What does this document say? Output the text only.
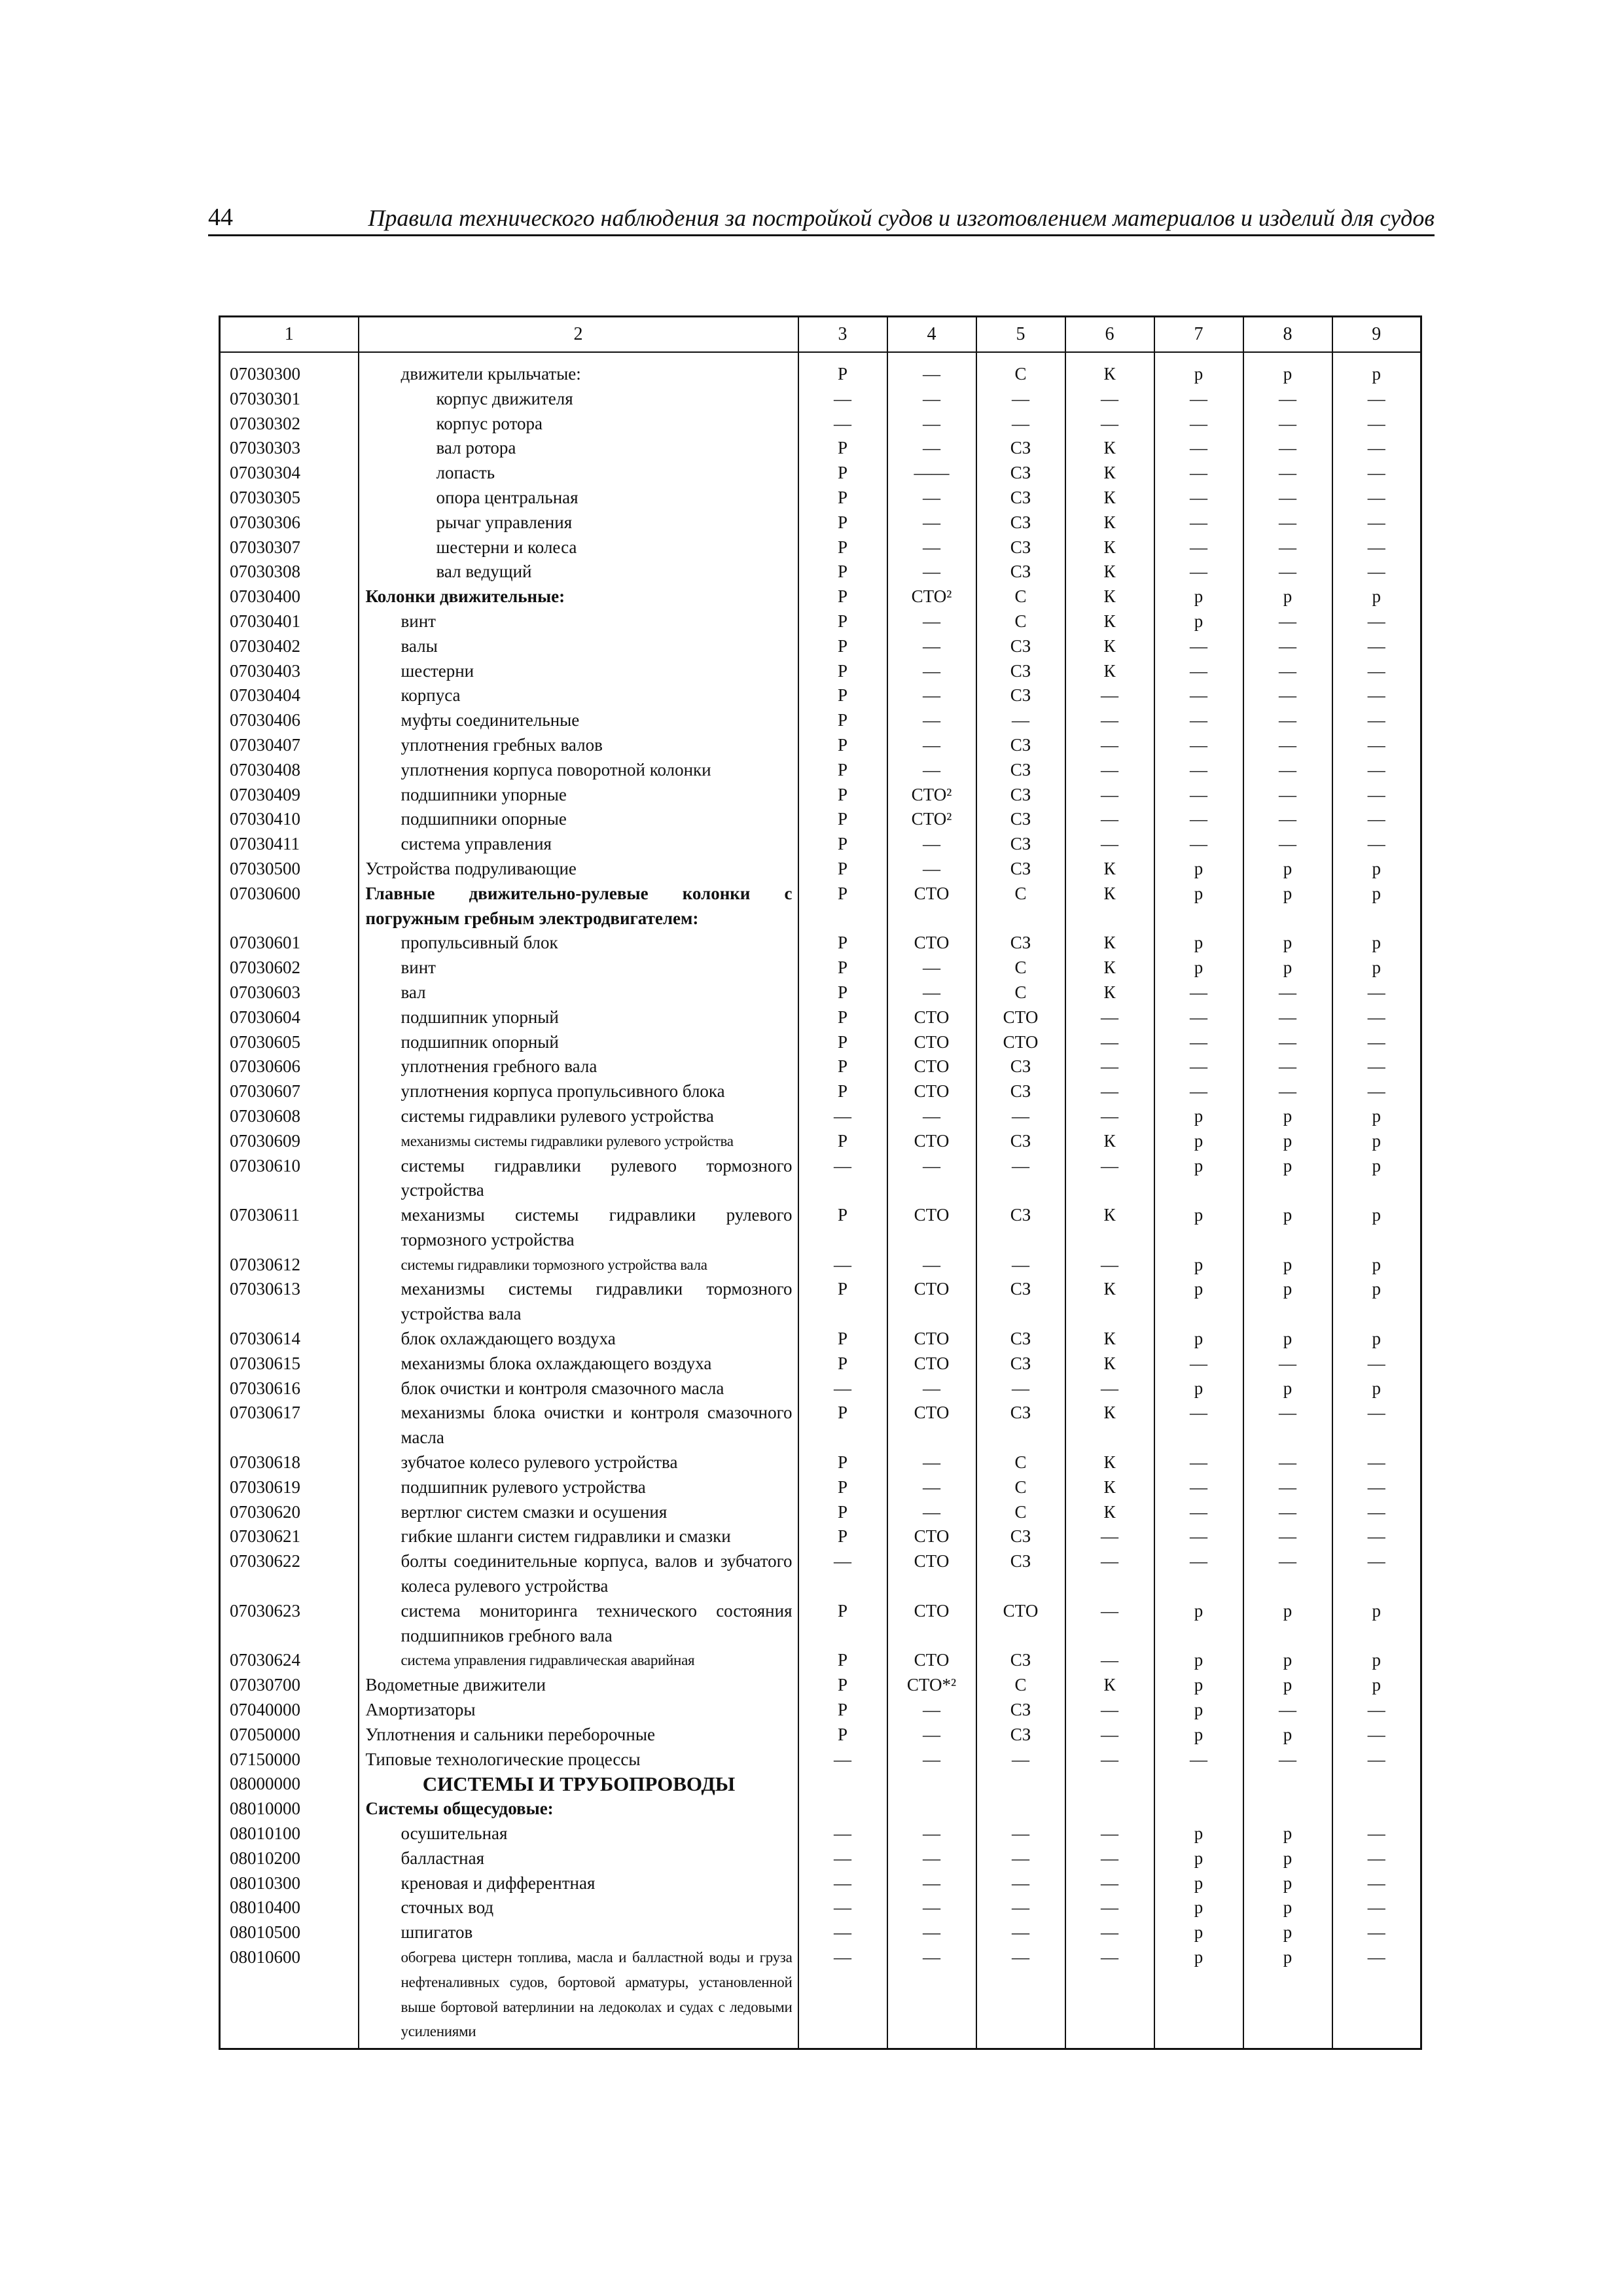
44	Правила технического наблюдения за постройкой судов и изготовлением материалов и изделий для судов
1	2	3	4	5	6	7	8	9
07030300	движители крыльчатые:	Р	—	С	К	р	р	р
07030301	корпус движителя	—	—	—	—	—	—	—
07030302	корпус ротора	—	—	—	—	—	—	—
07030303	вал ротора	Р	—	СЗ	К	—	—	—
07030304	лопасть	Р	——	СЗ	К	—	—	—
07030305	опора центральная	Р	—	СЗ	К	—	—	—
07030306	рычаг управления	Р	—	СЗ	К	—	—	—
07030307	шестерни и колеса	Р	—	СЗ	К	—	—	—
07030308	вал ведущий	Р	—	СЗ	К	—	—	—
07030400	Колонки движительные:	Р	СТО²	С	К	р	р	р
07030401	винт	Р	—	С	К	р	—	—
07030402	валы	Р	—	СЗ	К	—	—	—
07030403	шестерни	Р	—	СЗ	К	—	—	—
07030404	корпуса	Р	—	СЗ	—	—	—	—
07030406	муфты соединительные	Р	—	—	—	—	—	—
07030407	уплотнения гребных валов	Р	—	СЗ	—	—	—	—
07030408	уплотнения корпуса поворотной колонки	Р	—	СЗ	—	—	—	—
07030409	подшипники упорные	Р	СТО²	СЗ	—	—	—	—
07030410	подшипники опорные	Р	СТО²	СЗ	—	—	—	—
07030411	система управления	Р	—	СЗ	—	—	—	—
07030500	Устройства подруливающие	Р	—	СЗ	К	р	р	р
07030600	Главные движительно-рулевые колонки с погружным гребным электродвигателем:	Р	СТО	С	К	р	р	р
07030601	пропульсивный блок	Р	СТО	СЗ	К	р	р	р
07030602	винт	Р	—	С	К	р	р	р
07030603	вал	Р	—	С	К	—	—	—
07030604	подшипник упорный	Р	СТО	СТО	—	—	—	—
07030605	подшипник опорный	Р	СТО	СТО	—	—	—	—
07030606	уплотнения гребного вала	Р	СТО	СЗ	—	—	—	—
07030607	уплотнения корпуса пропульсивного блока	Р	СТО	СЗ	—	—	—	—
07030608	системы гидравлики рулевого устройства	—	—	—	—	р	р	р
07030609	механизмы системы гидравлики рулевого устройства	Р	СТО	СЗ	К	р	р	р
07030610	системы гидравлики рулевого тормозного устройства	—	—	—	—	р	р	р
07030611	механизмы системы гидравлики рулевого тормозного устройства	Р	СТО	СЗ	К	р	р	р
07030612	системы гидравлики тормозного устройства вала	—	—	—	—	р	р	р
07030613	механизмы системы гидравлики тормозного устройства вала	Р	СТО	СЗ	К	р	р	р
07030614	блок охлаждающего воздуха	Р	СТО	СЗ	К	р	р	р
07030615	механизмы блока охлаждающего воздуха	Р	СТО	СЗ	К	—	—	—
07030616	блок очистки и контроля смазочного масла	—	—	—	—	р	р	р
07030617	механизмы блока очистки и контроля смазочного масла	Р	СТО	СЗ	К	—	—	—
07030618	зубчатое колесо рулевого устройства	Р	—	С	К	—	—	—
07030619	подшипник рулевого устройства	Р	—	С	К	—	—	—
07030620	вертлюг систем смазки и осушения	Р	—	С	К	—	—	—
07030621	гибкие шланги систем гидравлики и смазки	Р	СТО	СЗ	—	—	—	—
07030622	болты соединительные корпуса, валов и зубчатого колеса рулевого устройства	—	СТО	СЗ	—	—	—	—
07030623	система мониторинга технического состояния подшипников гребного вала	Р	СТО	СТО	—	р	р	р
07030624	система управления гидравлическая аварийная	Р	СТО	СЗ	—	р	р	р
07030700	Водометные движители	Р	СТО*²	С	К	р	р	р
07040000	Амортизаторы	Р	—	СЗ	—	р	—	—
07050000	Уплотнения и сальники переборочные	Р	—	СЗ	—	р	р	—
07150000	Типовые технологические процессы	—	—	—	—	—	—	—
08000000	СИСТЕМЫ И ТРУБОПРОВОДЫ							
08010000	Системы общесудовые:							
08010100	осушительная	—	—	—	—	р	р	—
08010200	балластная	—	—	—	—	р	р	—
08010300	креновая и дифферентная	—	—	—	—	р	р	—
08010400	сточных вод	—	—	—	—	р	р	—
08010500	шпигатов	—	—	—	—	р	р	—
08010600	обогрева цистерн топлива, масла и балластной воды и груза нефтеналивных судов, бортовой арматуры, установленной выше бортовой ватерлинии на ледоколах и судах с ледовыми усилениями	—	—	—	—	р	р	—
